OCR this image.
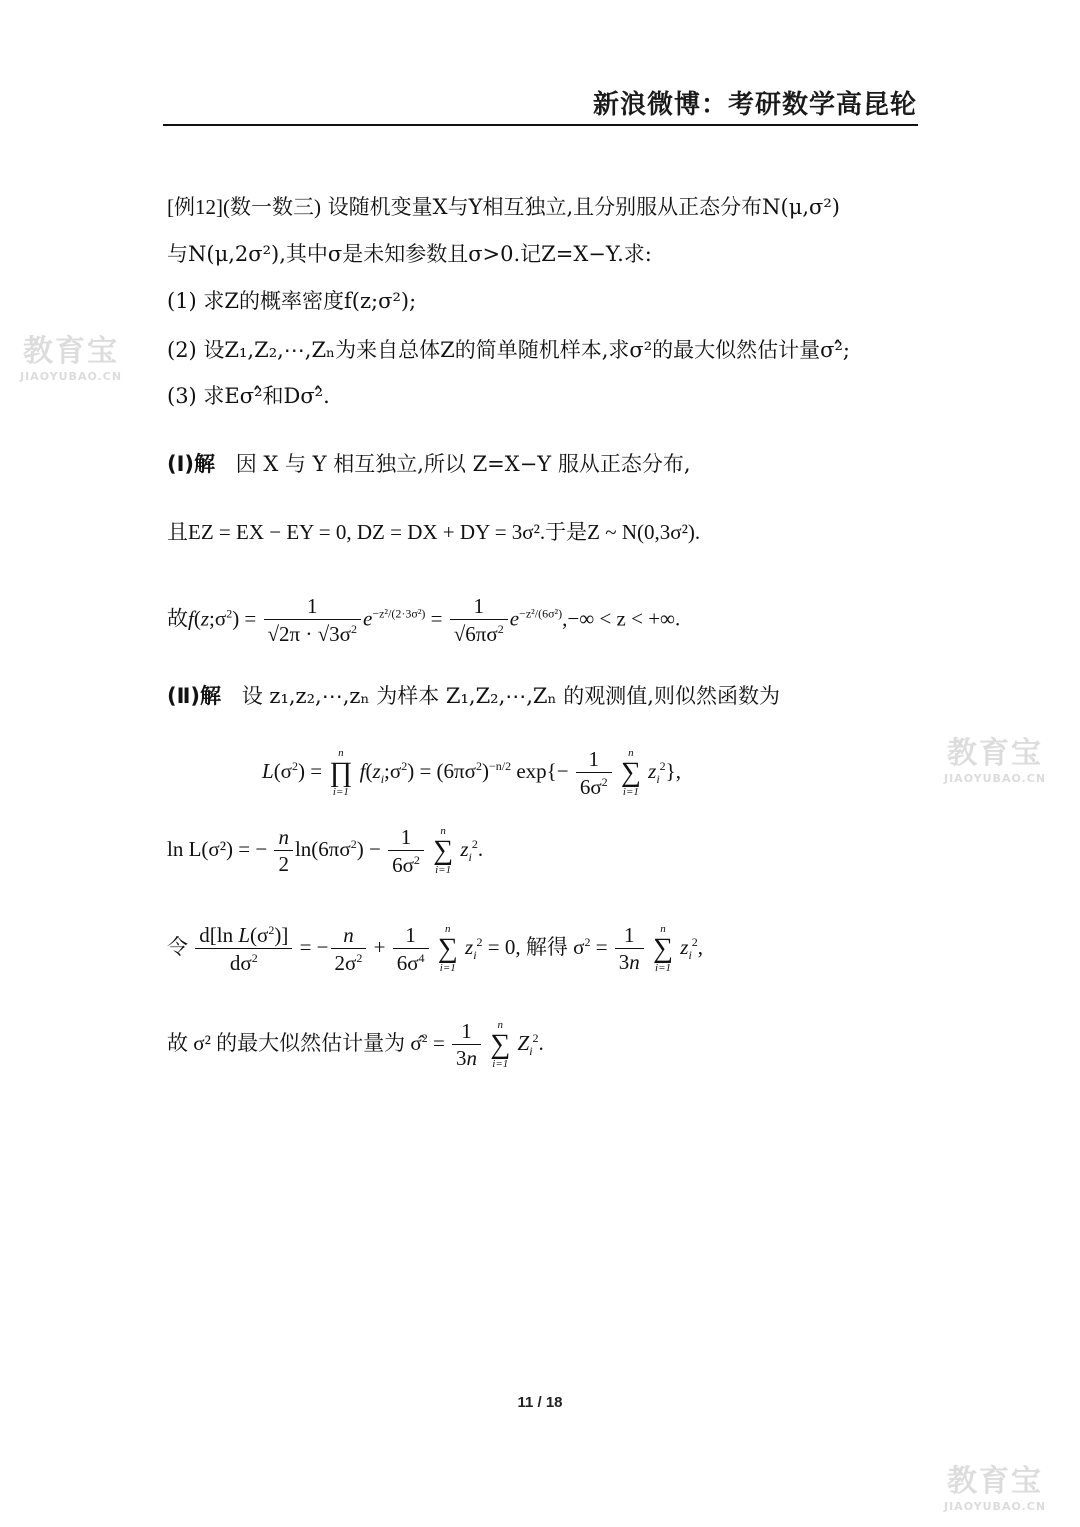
新浪微博：考研数学高昆轮
教育宝
JIAOYUBAO.CN
教育宝
JIAOYUBAO.CN
教育宝
JIAOYUBAO.CN
[例12](数一数三) 设随机变量X与Y相互独立,且分别服从正态分布N(μ,σ²)
与N(μ,2σ²),其中σ是未知参数且σ>0.记Z=X−Y.求:
(1) 求Z的概率密度f(z;σ²);
(2) 设Z₁,Z₂,⋯,Zₙ为来自总体Z的简单随机样本,求σ²的最大似然估计量σ²̂;
(3) 求Eσ²̂和Dσ²̂.
(Ⅰ)解 因 X 与 Y 相互独立,所以 Z=X−Y 服从正态分布,
且EZ = EX − EY = 0, DZ = DX + DY = 3σ².于是Z ~ N(0,3σ²).
故$f(z;\sigma^2) = \frac{1}{√2\pi \cdot √3\sigma^2} e^{-z^2/(2\cdot 3\sigma^2)} = \frac{1}{√6\pi\sigma^2} e^{-z^2/(6\sigma^2)},-\infty < z$ < +∞.
(Ⅱ)解 设 z₁,z₂,⋯,zₙ 为样本 Z₁,Z₂,⋯,Zₙ 的观测值,则似然函数为
$L(\sigma^2)$ =
n
∏
i=1
$f(z_i;\sigma^2) = (6\pi\sigma^2)^{-n/2}$ $\exp\{- \frac{1}{6\sigma^2}$
	n
∑
i=1
$z_i^2$},
ln L(σ²) = − $\frac{n}{2} \ln(6\pi\sigma^2) - \frac{1}{6\sigma^2}$
	n
∑
i=1
$z_i^2$.
令 $\frac{d[\ln L(\sigma^2)]}{d\sigma^2}$ = − $\frac{n}{2\sigma^2} + \frac{1}{6\sigma^4}$
	n
∑
i=1
$z_i^2 = 0$, 解得 $\sigma^2 = \frac{1}{3n}$
	n
∑
i=1
$z_i^2$,
故 σ² 的最大似然估计量为 σ̂$^2$ = $\frac{1}{3n}$
	n
∑
i=1
$Z_i^2$.
11 / 18
